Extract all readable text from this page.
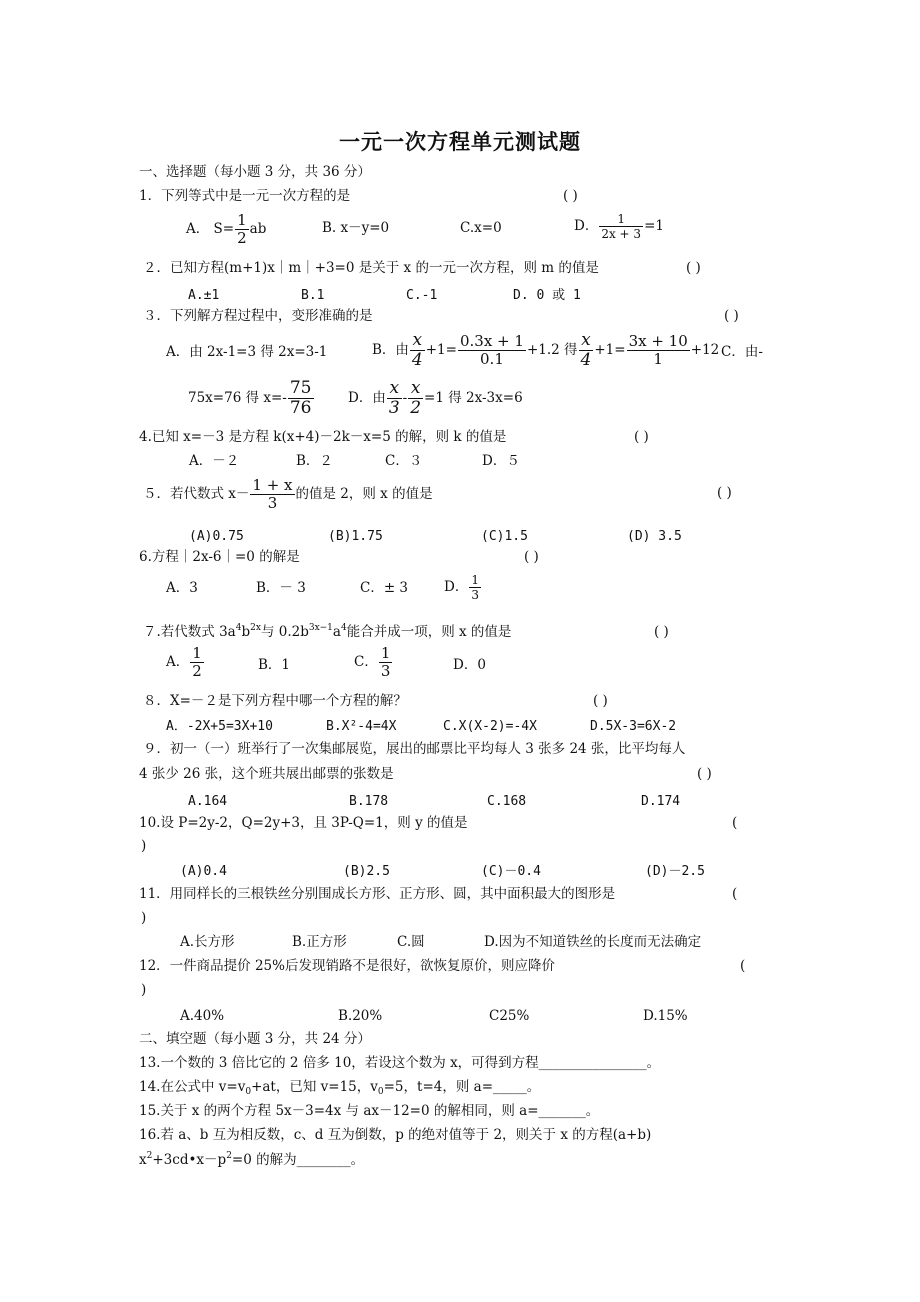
一元一次方程单元测试题
一、选择题（每小题 3 分，共 36 分）
1．下列等式中是一元一次方程的是	( )
A． $S= \frac{1}{2}$ ab	B. x－y=0	C.x=0	D． $\frac{1}{2x + 3} =1$
２．已知方程(m+1)x｜m｜+3=0 是关于 x 的一元一次方程，则 m 的值是	( )
A.±1	B.1	C.-1	D. 0 或 1
３．下列解方程过程中，变形准确的是	( )
A．由 2x-1=3 得 2x=3-1	B．由 $\frac{x}{4} +1= \frac{0.3x + 1}{0.1} +1.2$ 得 $\frac{x}{4} +1= \frac{3x + 10}{1} +12$ C．由-
75x=76 得 $x=- \frac{75}{76}$	D．由 $\frac{x}{3} - \frac{x}{2} =1$ 得 2x-3x=6
4.已知 x=－3 是方程 k(x+4)－2k－x=5 的解，则 k 的值是	( )
A．－２	B．２	C．３	D．５
５．若代数式 $x- \frac{1 + x}{3}$ 的值是 2，则 x 的值是	( )
(A)0.75	(B)1.75	(C)1.5	(D) 3.5
6.方程｜2x-6｜=0 的解是	( )
A．3	B．－ 3	C．± 3	D． $\frac{1}{3}$
７.若代数式 $3a^4b^{2x}$与 $0.2b^{3x-1}a^4$能合并成一项，则 x 的值是	( )
A． $\frac{1}{2}$	B．1	C． $\frac{1}{3}$	D．0
８．X=－２是下列方程中哪一个方程的解？	( )
A．-2X+5=3X+10	B.X²-4=4X	C.X(X-2)=-4X	D.5X-3=6X-2
９．初一（一）班举行了一次集邮展览，展出的邮票比平均每人 3 张多 24 张，比平均每人
4 张少 26 张，这个班共展出邮票的张数是	( )
A.164	B.178	C.168	D.174
10.设 P=2y-2，Q=2y+3，且 3P-Q=1，则 y 的值是	(
)
(A)0.4	(B)2.5	(C)－0.4	(D)－2.5
11．用同样长的三根铁丝分别围成长方形、正方形、圆，其中面积最大的图形是	(
)
A.长方形	B.正方形	C.圆	D.因为不知道铁丝的长度而无法确定
12．一件商品提价 25%后发现销路不是很好，欲恢复原价，则应降价	(
)
A.40%	B.20%	C25%	D.15%
二、填空题（每小题 3 分，共 24 分）
13.一个数的 3 倍比它的 2 倍多 10，若设这个数为 x，可得到方程________________。
14.在公式中 $v=v_0+at$，已知 v=15，$v_0=5$，t=4，则 a=_____。
15.关于 x 的两个方程 5x－3=4x 与 ax－12=0 的解相同，则 a=_______。
16.若 a、b 互为相反数，c、d 互为倒数，p 的绝对值等于 2，则关于 x 的方程(a+b)
$x^2+3cd•x-p^2=0$ 的解为________。
